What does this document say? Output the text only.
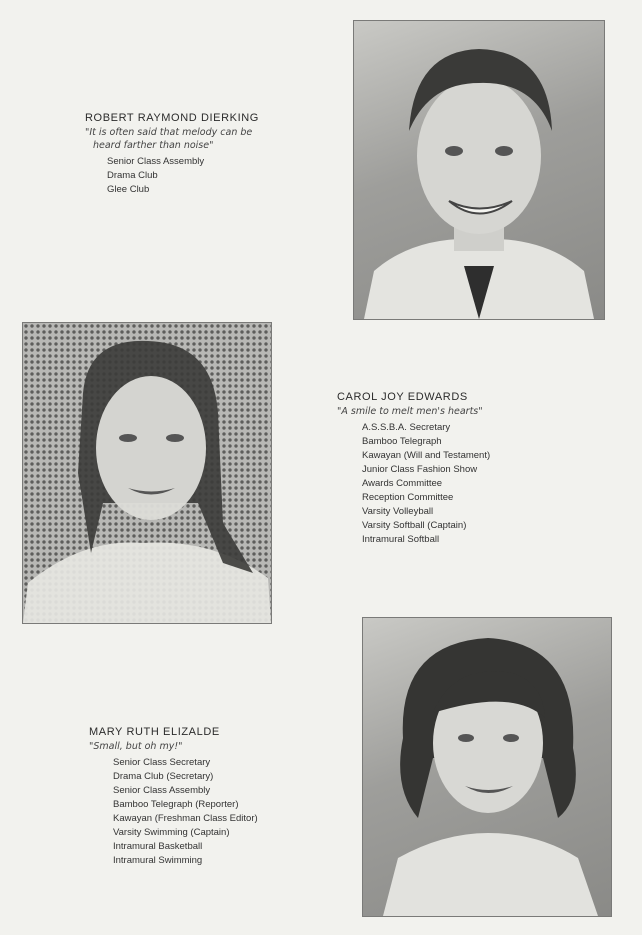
ROBERT RAYMOND DIERKING
"It is often said that melody can be
heard farther than noise"
Senior Class Assembly
Drama Club
Glee Club
CAROL JOY EDWARDS
"A smile to melt men's hearts"
A.S.S.B.A. Secretary
Bamboo Telegraph
Kawayan (Will and Testament)
Junior Class Fashion Show
Awards Committee
Reception Committee
Varsity Volleyball
Varsity Softball (Captain)
Intramural Softball
MARY RUTH ELIZALDE
"Small, but oh my!"
Senior Class Secretary
Drama Club (Secretary)
Senior Class Assembly
Bamboo Telegraph (Reporter)
Kawayan (Freshman Class Editor)
Varsity Swimming (Captain)
Intramural Basketball
Intramural Swimming
